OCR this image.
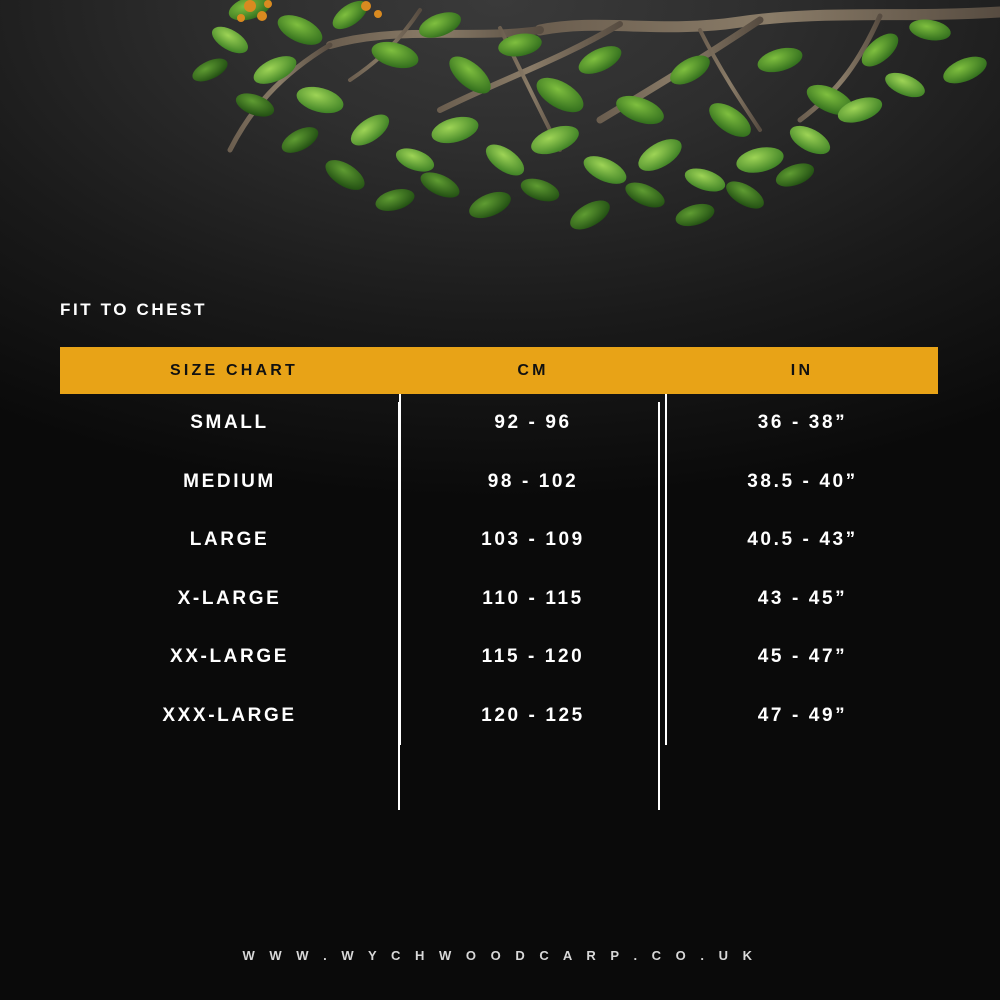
FIT TO CHEST
SIZE CHART	CM	IN
SMALL	92 - 96	36 - 38”
MEDIUM	98 - 102	38.5 - 40”
LARGE	103 - 109	40.5 - 43”
X-LARGE	110 - 115	43 - 45”
XX-LARGE	115 - 120	45 - 47”
XXX-LARGE	120 - 125	47 - 49”
W W W . W Y C H W O O D C A R P . C O . U K
